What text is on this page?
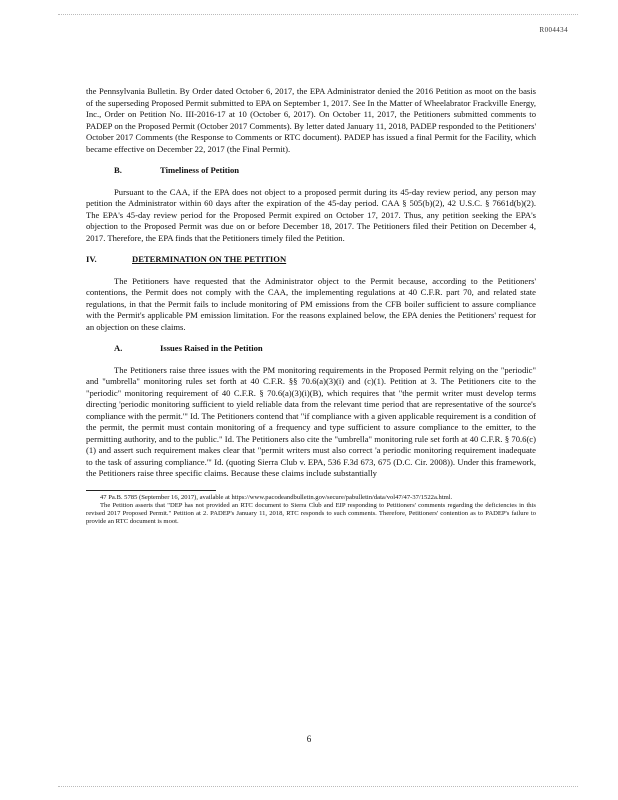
R004434

the Pennsylvania Bulletin. By Order dated October 6, 2017, the EPA Administrator denied the 2016 Petition as moot on the basis of the superseding Proposed Permit submitted to EPA on September 1, 2017. See In the Matter of Wheelabrator Frackville Energy, Inc., Order on Petition No. III-2016-17 at 10 (October 6, 2017). On October 11, 2017, the Petitioners submitted comments to PADEP on the Proposed Permit (October 2017 Comments). By letter dated January 11, 2018, PADEP responded to the Petitioners' October 2017 Comments (the Response to Comments or RTC document). PADEP has issued a final Permit for the Facility, which became effective on December 22, 2017 (the Final Permit).

B.	Timeliness of Petition

Pursuant to the CAA, if the EPA does not object to a proposed permit during its 45-day review period, any person may petition the Administrator within 60 days after the expiration of the 45-day period. CAA § 505(b)(2), 42 U.S.C. § 7661d(b)(2). The EPA's 45-day review period for the Proposed Permit expired on October 17, 2017. Thus, any petition seeking the EPA's objection to the Proposed Permit was due on or before December 18, 2017. The Petitioners filed their Petition on December 4, 2017. Therefore, the EPA finds that the Petitioners timely filed the Petition.

IV.	DETERMINATION ON THE PETITION

The Petitioners have requested that the Administrator object to the Permit because, according to the Petitioners' contentions, the Permit does not comply with the CAA, the implementing regulations at 40 C.F.R. part 70, and related state regulations, in that the Permit fails to include monitoring of PM emissions from the CFB boiler sufficient to assure compliance with the Permit's applicable PM emission limitation. For the reasons explained below, the EPA denies the Petitioners' request for an objection on these claims.

A.	Issues Raised in the Petition

The Petitioners raise three issues with the PM monitoring requirements in the Proposed Permit relying on the "periodic" and "umbrella" monitoring rules set forth at 40 C.F.R. §§ 70.6(a)(3)(i) and (c)(1). Petition at 3. The Petitioners cite to the "periodic" monitoring requirement of 40 C.F.R. § 70.6(a)(3)(i)(B), which requires that "the permit writer must develop terms directing 'periodic monitoring sufficient to yield reliable data from the relevant time period that are representative of the source's compliance with the permit.'" Id. The Petitioners contend that "if compliance with a given applicable requirement is a condition of the permit, the permit must contain monitoring of a frequency and type sufficient to assure compliance to the emitter, to the permitting authority, and to the public." Id. The Petitioners also cite the "umbrella" monitoring rule set forth at 40 C.F.R. § 70.6(c)(1) and assert such requirement makes clear that "permit writers must also correct 'a periodic monitoring requirement inadequate to the task of assuring compliance.'" Id. (quoting Sierra Club v. EPA, 536 F.3d 673, 675 (D.C. Cir. 2008)). Under this framework, the Petitioners raise three specific claims. Because these claims include substantially

47 Pa.B. 5785 (September 16, 2017), available at https://www.pacodeandbulletin.gov/secure/pabulletin/data/vol47/47-37/1522a.html.

The Petition asserts that "DEP has not provided an RTC document to Sierra Club and EIP responding to Petitioners' comments regarding the deficiencies in this revised 2017 Proposed Permit." Petition at 2. PADEP's January 11, 2018, RTC responds to such comments. Therefore, Petitioners' contention as to PADEP's failure to provide an RTC document is moot.

6
